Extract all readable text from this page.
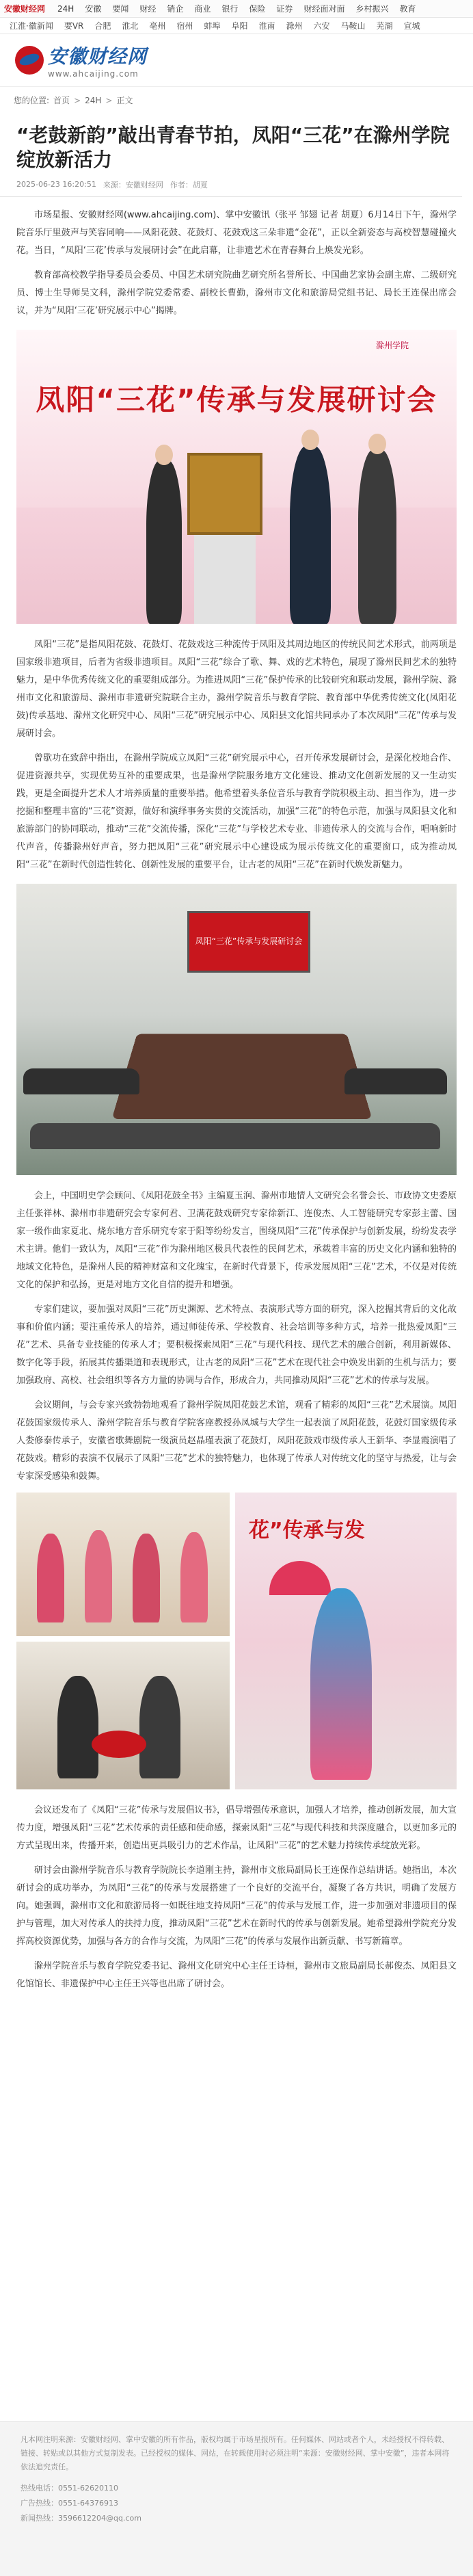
安徽财经网 24H 安徽 要闻 财经 销企 商业 银行 保险 证券 财经面对面 乡村振兴 教育
江淮·徽新闻 要VR 合肥 淮北 亳州 宿州 蚌埠 阜阳 淮南 滁州 六安 马鞍山 芜湖 宣城
安徽财经网
www.ahcaijing.com
您的位置: 首页 > 24H > 正文
“老鼓新韵”敲出青春节拍，凤阳“三花”在滁州学院绽放新活力
2025-06-23 16:20:51 来源：安徽财经网 作者：胡夏

市场星报、安徽财经网(www.ahcaijing.com)、掌中安徽讯（张平 邹翅 记者 胡夏）6月14日下午，滁州学院音乐厅里鼓声与笑容同响——凤阳花鼓、花鼓灯、花鼓戏这三朵非遗“金花”，正以全新姿态与高校智慧碰撞火花。当日，“凤阳‘三花’传承与发展研讨会”在此启幕，让非遗艺术在青春舞台上焕发光彩。

教育部高校教学指导委员会委员、中国艺术研究院曲艺研究所名誉所长、中国曲艺家协会副主席、二级研究员、博士生导师吴文科，滁州学院党委常委、副校长曹勤，滁州市文化和旅游局党组书记、局长王连保出席会议，并为“凤阳‘三花’研究展示中心”揭牌。

滁州学院
凤阳“三花”传承与发展研讨会

凤阳“三花”是指凤阳花鼓、花鼓灯、花鼓戏这三种流传于凤阳及其周边地区的传统民间艺术形式，前两项是国家级非遗项目，后者为省级非遗项目。凤阳“三花”综合了歌、舞、戏的艺术特色，展现了滁州民间艺术的独特魅力，是中华优秀传统文化的重要组成部分。为推进凤阳“三花”保护传承的比较研究和联动发展，滁州学院、滁州市文化和旅游局、滁州市非遗研究院联合主办，滁州学院音乐与教育学院、教育部中华优秀传统文化(凤阳花鼓)传承基地、滁州文化研究中心、凤阳“三花”研究展示中心、凤阳县文化馆共同承办了本次凤阳“三花”传承与发展研讨会。

曾歇功在致辞中指出，在滁州学院成立凤阳“三花”研究展示中心，召开传承发展研讨会，是深化校地合作、促进资源共享，实现优势互补的重要成果，也是滁州学院服务地方文化建设、推动文化创新发展的又一生动实践，更是全面提升艺术人才培养质量的重要举措。他希望着头条位音乐与教育学院积极主动、担当作为，进一步挖掘和整理丰富的“三花”资源，做好和演绎事务实贯的交流活动，加强“三花”的特色示范，加强与凤阳县文化和旅游部门的协同联动，推动“三花”交流传播，深化“三花”与学校艺术专业、非遗传承人的交流与合作，唱响新时代声音，传播滁州好声音，努力把凤阳“三花”研究展示中心建设成为展示传统文化的重要窗口，成为推动凤阳“三花”在新时代创造性转化、创新性发展的重要平台，让古老的凤阳“三花”在新时代焕发新魅力。

凤阳“三花”传承与发展研讨会

会上，中国明史学会顾问、《凤阳花鼓全书》主编夏玉润、滁州市地情人文研究会名誉会长、市政协文史委原主任张祥林、滁州市非遗研究会专家何君、卫满花鼓戏研究专家徐新江、连俊杰、人工智能研究专家彭主蕾、国家一级作曲家夏北、烧东地方音乐研究专家于阳等纷纷发言，围绕凤阳“三花”传承保护与创新发展，纷纷发表学术主讲。他们一致认为，凤阳“三花”作为滁州地区极具代表性的民间艺术，承载着丰富的历史文化内涵和独特的地域文化特色，是滁州人民的精神财富和文化瑰宝，在新时代背景下，传承发展凤阳“三花”艺术，不仅是对传统文化的保护和弘扬，更是对地方文化自信的提升和增强。

专家们建议，要加强对凤阳“三花”历史渊源、艺术特点、表演形式等方面的研究，深入挖掘其背后的文化故事和价值内涵；要注重传承人的培养，通过师徒传承、学校教育、社会培训等多种方式，培养一批热爱凤阳“三花”艺术、具备专业技能的传承人才；要积极探索凤阳“三花”与现代科技、现代艺术的融合创新，利用新媒体、数字化等手段，拓展其传播渠道和表现形式，让古老的凤阳“三花”艺术在现代社会中焕发出新的生机与活力；要加强政府、高校、社会组织等各方力量的协调与合作，形成合力，共同推动凤阳“三花”艺术的传承与发展。

会议期间，与会专家兴致勃勃地观看了滁州学院凤阳花鼓艺术馆，观看了精彩的凤阳“三花”艺术展演。凤阳花鼓国家级传承人、滁州学院音乐与教育学院客座教授孙凤城与大学生一起表演了凤阳花鼓，花鼓灯国家级传承人娄修泰传承子，安徽省歌舞剧院一级演员赵晶瑾表演了花鼓灯，凤阳花鼓戏市级传承人王新华、李显霞演唱了花鼓戏。精彩的表演不仅展示了凤阳“三花”艺术的独特魅力，也体现了传承人对传统文化的坚守与热爱，让与会专家深受感染和鼓舞。

花”传承与发

会议还发布了《凤阳“三花”传承与发展倡议书》，倡导增强传承意识，加强人才培养，推动创新发展，加大宣传力度，增强凤阳“三花”艺术传承的责任感和使命感，探索凤阳“三花”与现代科技和共深度融合，以更加多元的方式呈现出来，传播开来，创造出更具吸引力的艺术作品，让凤阳“三花”的艺术魅力持续传承绽放光彩。

研讨会由滁州学院音乐与教育学院院长李道刚主持，滁州市文旅局副局长王连保作总结讲话。她指出，本次研讨会的成功举办，为凤阳“三花”的传承与发展搭建了一个良好的交流平台，凝聚了各方共识，明确了发展方向。她强调，滁州市文化和旅游局将一如既往地支持凤阳“三花”的传承与发展工作，进一步加强对非遗项目的保护与管理，加大对传承人的扶持力度，推动凤阳“三花”艺术在新时代的传承与创新发展。她希望滁州学院充分发挥高校资源优势，加强与各方的合作与交流，为凤阳“三花”的传承与发展作出新贡献、书写新篇章。

滁州学院音乐与教育学院党委书记、滁州文化研究中心主任王诗桓，滁州市文旅局副局长郝俊杰、凤阳县文化馆馆长、非遗保护中心主任王兴等也出席了研讨会。

凡本网注明来源：安徽财经网、掌中安徽的所有作品，版权均属于市场星报所有。任何媒体、网站或者个人，未经授权不得转载、链接、转贴或以其他方式复制发表。已经授权的媒体、网站，在转载使用时必须注明“来源：安徽财经网、掌中安徽”，违者本网将依法追究责任。
热线电话：0551-62620110
广告热线：0551-64376913
新闻热线：3596612204@qq.com
